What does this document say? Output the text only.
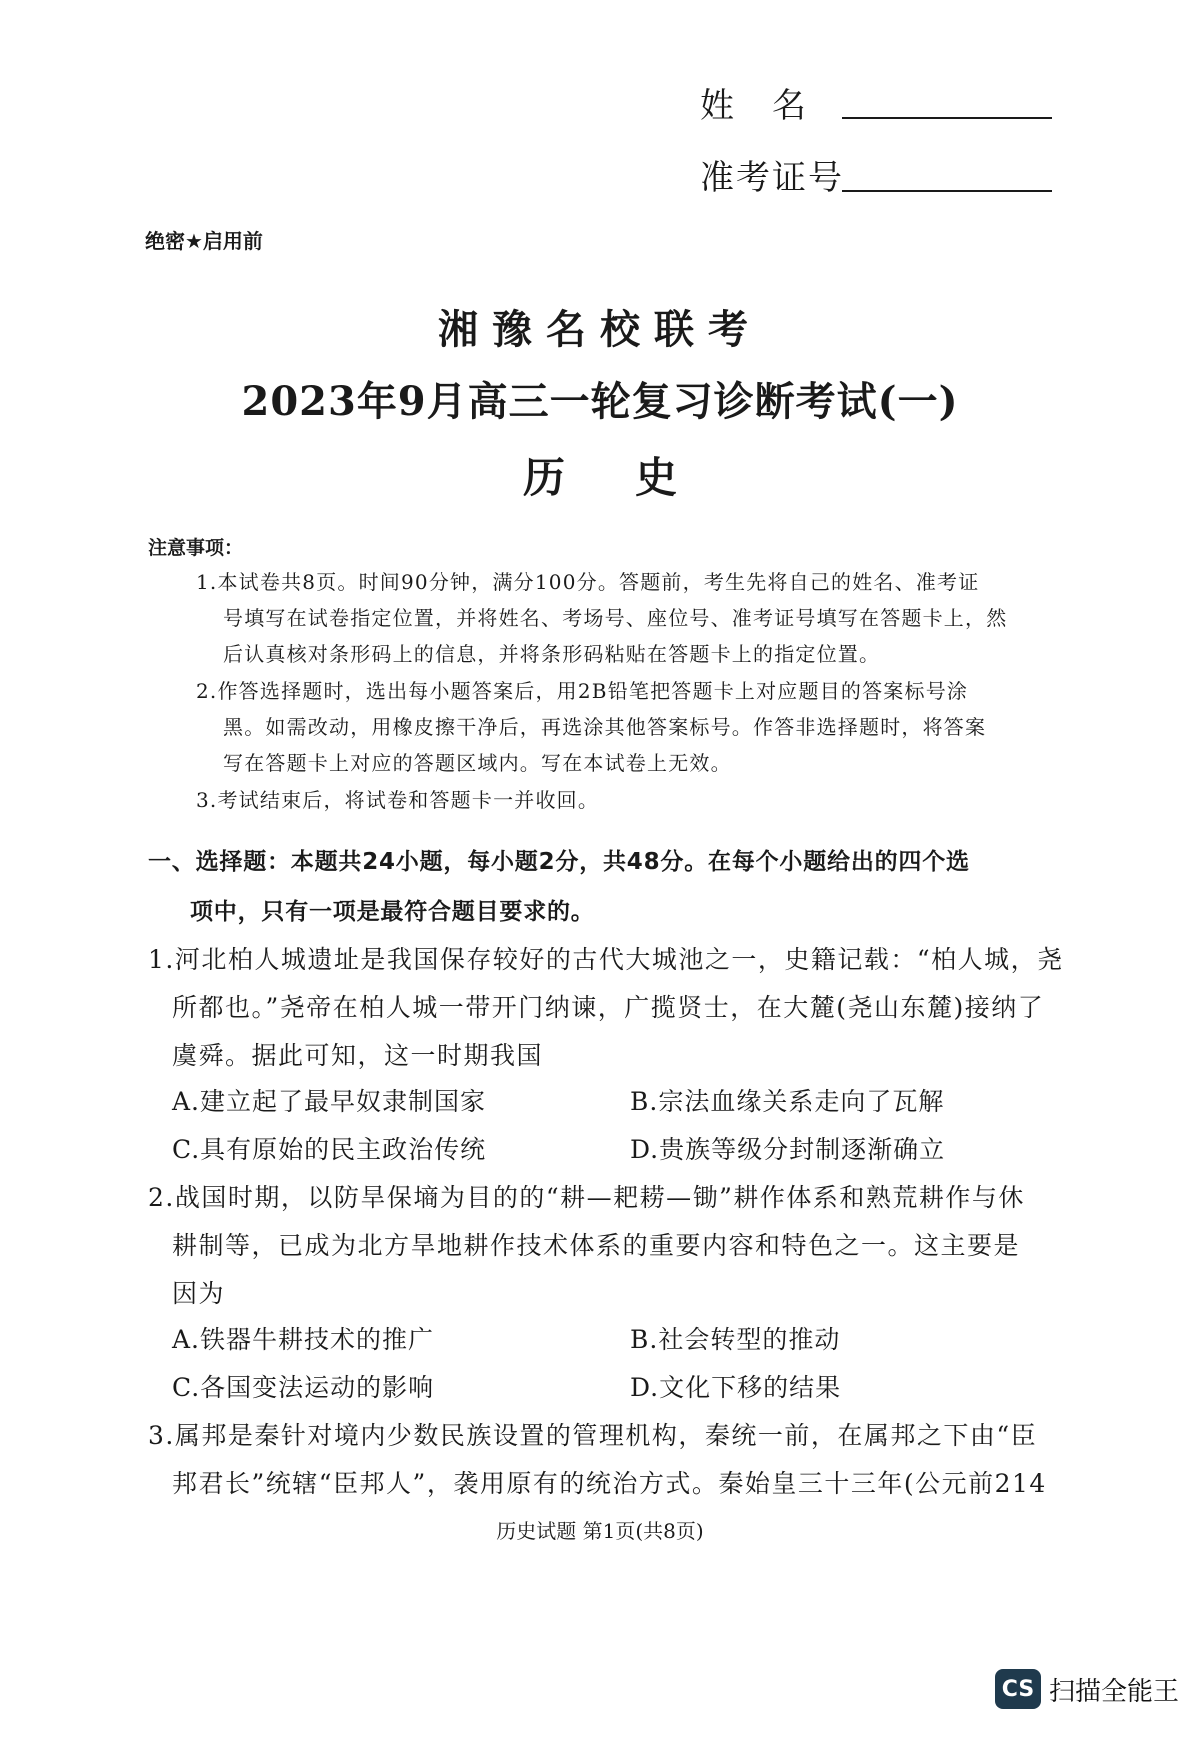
姓　名
准考证号
绝密★启用前
湘豫名校联考
2023年9月高三一轮复习诊断考试(一)
历史
注意事项：
1.本试卷共8页。时间90分钟，满分100分。答题前，考生先将自己的姓名、准考证
号填写在试卷指定位置，并将姓名、考场号、座位号、准考证号填写在答题卡上，然
后认真核对条形码上的信息，并将条形码粘贴在答题卡上的指定位置。
2.作答选择题时，选出每小题答案后，用2B铅笔把答题卡上对应题目的答案标号涂
黑。如需改动，用橡皮擦干净后，再选涂其他答案标号。作答非选择题时，将答案
写在答题卡上对应的答题区域内。写在本试卷上无效。
3.考试结束后，将试卷和答题卡一并收回。
一、选择题：本题共24小题，每小题2分，共48分。在每个小题给出的四个选
项中，只有一项是最符合题目要求的。
1.河北柏人城遗址是我国保存较好的古代大城池之一，史籍记载：“柏人城，尧
所都也。”尧帝在柏人城一带开门纳谏，广揽贤士，在大麓(尧山东麓)接纳了
虞舜。据此可知，这一时期我国
A.建立起了最早奴隶制国家	B.宗法血缘关系走向了瓦解
C.具有原始的民主政治传统	D.贵族等级分封制逐渐确立
2.战国时期，以防旱保墒为目的的“耕—耙耢—锄”耕作体系和熟荒耕作与休
耕制等，已成为北方旱地耕作技术体系的重要内容和特色之一。这主要是
因为
A.铁器牛耕技术的推广	B.社会转型的推动
C.各国变法运动的影响	D.文化下移的结果
3.属邦是秦针对境内少数民族设置的管理机构，秦统一前，在属邦之下由“臣
邦君长”统辖“臣邦人”，袭用原有的统治方式。秦始皇三十三年(公元前214
历史试题 第1页(共8页)
CS 扫描全能王
